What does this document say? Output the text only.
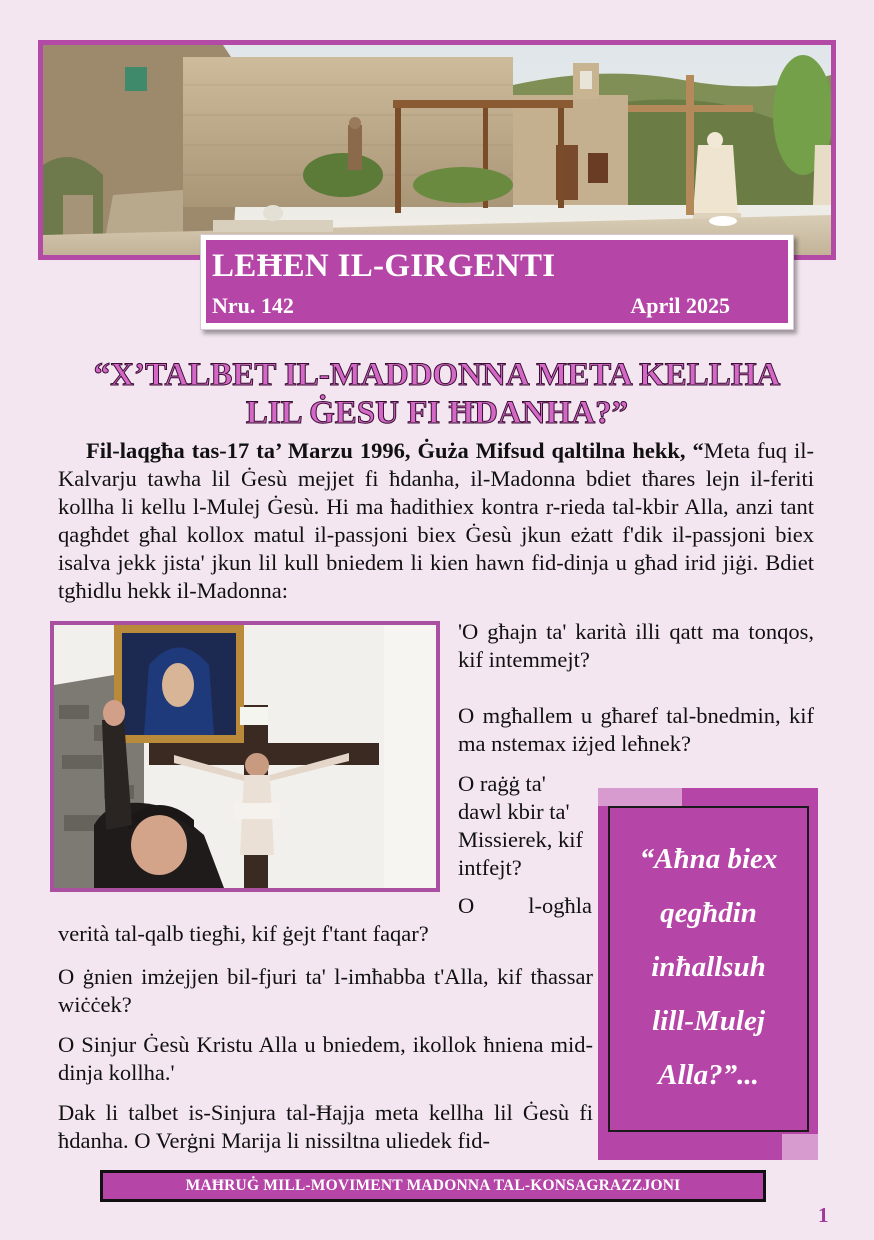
LEĦEN IL-GIRGENTI
Nru. 142	April 2025
“X’TALBET IL-MADDONNA META KELLHA
LIL ĠESU FI ĦDANHA?”
Fil-laqgħa tas-17 ta’ Marzu 1996, Ġuża Mifsud qaltilna hekk, “Meta fuq il-Kalvarju tawha lil Ġesù mejjet fi ħdanha, il-Madonna bdiet tħares lejn il-feriti kollha li kellu l-Mulej Ġesù. Hi ma ħadithiex kontra r-rieda tal-kbir Alla, anzi tant qagħdet għal kollox matul il-passjoni biex Ġesù jkun eżatt f'dik il-passjoni biex isalva jekk jista' jkun lil kull bniedem li kien hawn fid-dinja u għad irid jiġi. Bdiet tgħidlu hekk il-Madonna:
'O għajn ta' karità illi qatt ma tonqos, kif intemmejt?
O mgħallem u għaref tal-bnedmin, kif ma nstemax iżjed leħnek?
O raġġ ta' dawl kbir ta' Missierek, kif intfejt?
O l-ogħla
verità tal-qalb tiegħi, kif ġejt f'tant faqar?
O ġnien imżejjen bil-fjuri ta' l-imħabba t'Alla, kif tħassar wiċċek?
O Sinjur Ġesù Kristu Alla u bniedem, ikollok ħniena mid-dinja kollha.'
Dak li talbet is-Sinjura tal-Ħajja meta kellha lil Ġesù fi ħdanha. O Verġni Marija li nissiltna uliedek fid-
“Aħna biex
qegħdin
inħallsuh
lill-Mulej
Alla?”...
MAĦRUĠ MILL-MOVIMENT MADONNA TAL-KONSAGRAZZJONI
1
